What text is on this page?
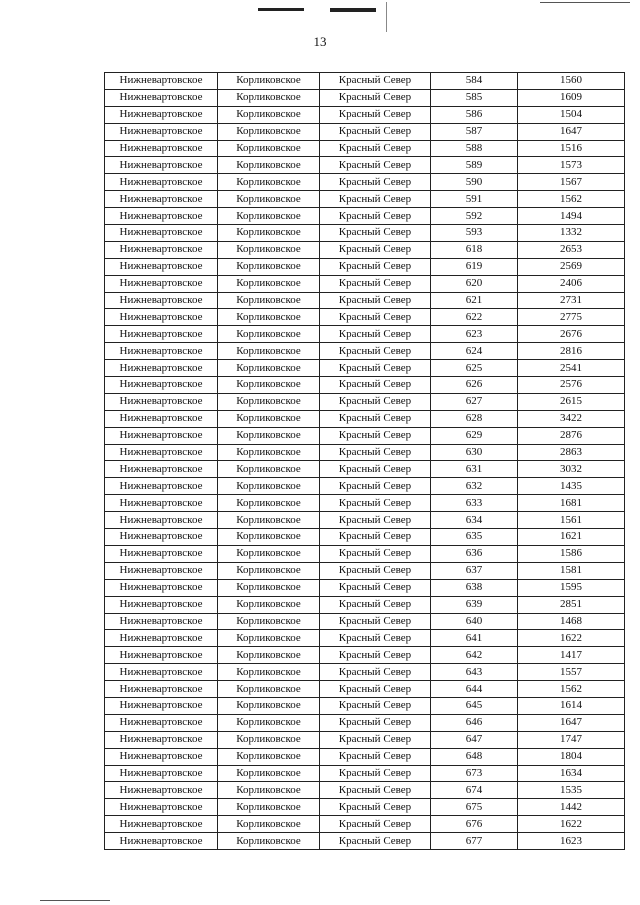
13
Нижневартовское	Корликовское	Красный Север	584	1560
Нижневартовское	Корликовское	Красный Север	585	1609
Нижневартовское	Корликовское	Красный Север	586	1504
Нижневартовское	Корликовское	Красный Север	587	1647
Нижневартовское	Корликовское	Красный Север	588	1516
Нижневартовское	Корликовское	Красный Север	589	1573
Нижневартовское	Корликовское	Красный Север	590	1567
Нижневартовское	Корликовское	Красный Север	591	1562
Нижневартовское	Корликовское	Красный Север	592	1494
Нижневартовское	Корликовское	Красный Север	593	1332
Нижневартовское	Корликовское	Красный Север	618	2653
Нижневартовское	Корликовское	Красный Север	619	2569
Нижневартовское	Корликовское	Красный Север	620	2406
Нижневартовское	Корликовское	Красный Север	621	2731
Нижневартовское	Корликовское	Красный Север	622	2775
Нижневартовское	Корликовское	Красный Север	623	2676
Нижневартовское	Корликовское	Красный Север	624	2816
Нижневартовское	Корликовское	Красный Север	625	2541
Нижневартовское	Корликовское	Красный Север	626	2576
Нижневартовское	Корликовское	Красный Север	627	2615
Нижневартовское	Корликовское	Красный Север	628	3422
Нижневартовское	Корликовское	Красный Север	629	2876
Нижневартовское	Корликовское	Красный Север	630	2863
Нижневартовское	Корликовское	Красный Север	631	3032
Нижневартовское	Корликовское	Красный Север	632	1435
Нижневартовское	Корликовское	Красный Север	633	1681
Нижневартовское	Корликовское	Красный Север	634	1561
Нижневартовское	Корликовское	Красный Север	635	1621
Нижневартовское	Корликовское	Красный Север	636	1586
Нижневартовское	Корликовское	Красный Север	637	1581
Нижневартовское	Корликовское	Красный Север	638	1595
Нижневартовское	Корликовское	Красный Север	639	2851
Нижневартовское	Корликовское	Красный Север	640	1468
Нижневартовское	Корликовское	Красный Север	641	1622
Нижневартовское	Корликовское	Красный Север	642	1417
Нижневартовское	Корликовское	Красный Север	643	1557
Нижневартовское	Корликовское	Красный Север	644	1562
Нижневартовское	Корликовское	Красный Север	645	1614
Нижневартовское	Корликовское	Красный Север	646	1647
Нижневартовское	Корликовское	Красный Север	647	1747
Нижневартовское	Корликовское	Красный Север	648	1804
Нижневартовское	Корликовское	Красный Север	673	1634
Нижневартовское	Корликовское	Красный Север	674	1535
Нижневартовское	Корликовское	Красный Север	675	1442
Нижневартовское	Корликовское	Красный Север	676	1622
Нижневартовское	Корликовское	Красный Север	677	1623
